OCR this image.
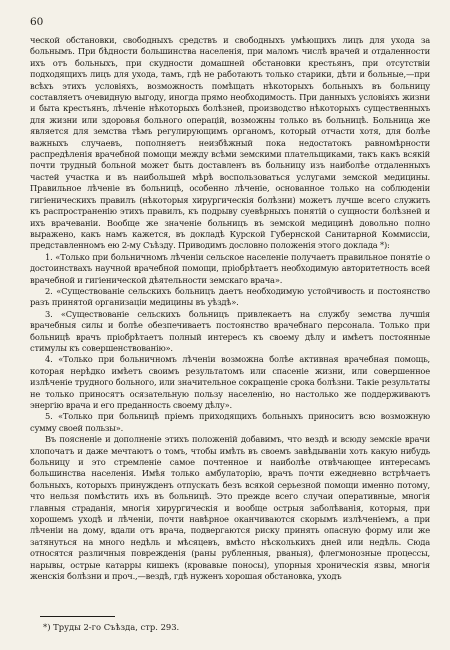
60

ческой обстановки, свободныхъ средствъ и свободныхъ умѣющихъ лицъ для ухода за больнымъ. При бѣдности большинства населенія, при маломъ числѣ врачей и отдаленности ихъ отъ больныхъ, при скудности домашней обстановки крестьянъ, при отсутствіи подходящихъ лицъ для ухода, тамъ, гдѣ не работаютъ только старики, дѣти и больные,—при всѣхъ этихъ условіяхъ, возможность помѣщать нѣкоторыхъ больныхъ въ больницу составляетъ очевидную выгоду, иногда прямо необходимость. При данныхъ условіяхъ жизни и быта крестьянъ, лѣченіе нѣкоторыхъ болѣзней, производство нѣкоторыхъ существенныхъ для жизни или здоровья больного операцій, возможны только въ больницѣ. Больница же является для земства тѣмъ регулирующимъ органомъ, который отчасти хотя, для болѣе важныхъ случаевъ, пополняетъ неизбѣжный пока недостатокъ равномѣрности распредѣленія врачебной помощи между всѣми земскими плательщиками, такъ какъ всякій почти трудный больной может быть доставленъ въ больницу изъ наиболѣе отдаленныхъ частей участка и въ наибольшей мѣрѣ воспользоваться услугами земской медицины. Правильное лѣченіе въ больницѣ, особенно лѣченіе, основанное только на соблюденіи гигіеническихъ правилъ (нѣкоторыя хирургическія болѣзни) можетъ лучше всего служить къ распространенію этихъ правилъ, къ подрыву суевѣрныхъ понятій о сущности болѣзней и ихъ врачеваніи. Вообще же значеніе больницъ въ земской медицинѣ довольно полно выражено, какъ намъ кажется, въ докладѣ Курской Губернской Санитарной Коммиссіи, представленномъ ею 2-му Съѣзду. Приводимъ дословно положенія этого доклада *):

1. «Только при больничномъ лѣченіи сельское населеніе получаетъ правильное понятіе о достоинствахъ научной врачебной помощи, пріобрѣтаетъ необходимую авторитетность всей врачебной и гигіенической дѣятельности земскаго врача».

2. «Существованіе сельскихъ больницъ даетъ необходимую устойчивость и постоянство разъ принятой организаціи медицины въ уѣздѣ».

3. «Существованіе сельскихъ больницъ привлекаетъ на службу земства лучшія врачебныя силы и болѣе обезпечиваетъ постоянство врачебнаго персонала. Только при больницѣ врачъ пріобрѣтаетъ полный интересъ къ своему дѣлу и имѣетъ постоянные стимулы къ совершенствованію».

4. «Только при больничномъ лѣченіи возможна болѣе активная врачебная помощь, которая нерѣдко имѣетъ своимъ результатомъ или спасеніе жизни, или совершенное излѣченіе трудного больного, или значительное сокращеніе срока болѣзни. Такіе результаты не только приносятъ осязательную пользу населенію, но настолько же поддерживаютъ энергію врача и его преданность своему дѣлу».

5. «Только при больницѣ пріемъ приходящихъ больныхъ приноситъ всю возможную сумму своей пользы».

Въ поясненіе и дополненіе этихъ положеній добавимъ, что вездѣ и всюду земскіе врачи хлопочатъ и даже мечтаютъ о томъ, чтобы имѣть въ своемъ завѣдываніи хоть какую нибудь больницу и это стремленіе самое почтенное и наиболѣе отвѣчающее интересамъ большинства населенія. Имѣя только амбулаторію, врачъ почти ежедневно встрѣчаетъ больныхъ, которыхъ принужденъ отпускать безъ всякой серьезной помощи именно потому, что нельзя помѣстить ихъ въ больницѣ. Это прежде всего случаи оперативные, многія главныя страданія, многія хирургическія и вообще острыя заболѣванія, которыя, при хорошемъ уходѣ и лѣченіи, почти навѣрное оканчиваются скорымъ излѣченіемъ, а при лѣченіи на дому, вдали отъ врача, подвергаются риску принять опасную форму или же затянуться на много недѣль и мѣсяцевъ, вмѣсто нѣсколькихъ дней или недѣль. Сюда относятся различныя поврежденія (раны рубленныя, рваныя), флегмонозные процессы, нарывы, острые катарры кишекъ (кровавые поносы), упорныя хроническія язвы, многія женскія болѣзни и проч.,—вездѣ, гдѣ нуженъ хорошая обстановка, уходъ

*) Труды 2-го Съѣзда, стр. 293.
